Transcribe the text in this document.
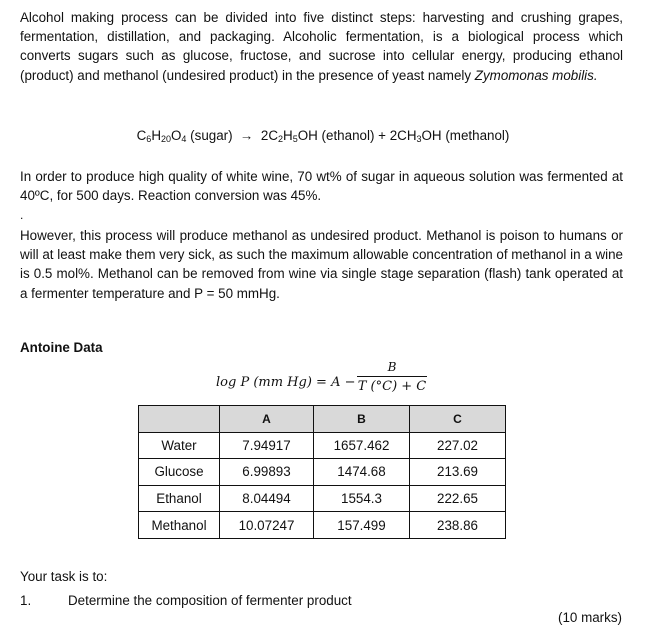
Alcohol making process can be divided into five distinct steps: harvesting and crushing grapes, fermentation, distillation, and packaging. Alcoholic fermentation, is a biological process which converts sugars such as glucose, fructose, and sucrose into cellular energy, producing ethanol (product) and methanol (undesired product) in the presence of yeast namely Zymomonas mobilis.

$C_6H_{20}O_4$ (sugar) → $2C_2H_5OH$ (ethanol) + $2CH_3OH$ (methanol)

In order to produce high quality of white wine, 70 wt% of sugar in aqueous solution was fermented at 40ºC, for 500 days. Reaction conversion was 45%.

.

However, this process will produce methanol as undesired product. Methanol is poison to humans or will at least make them very sick, as such the maximum allowable concentration of methanol in a wine is 0.5 mol%. Methanol can be removed from wine via single stage separation (flash) tank operated at a fermenter temperature and P = 50 mmHg.

Antoine Data
log P (mm Hg) = A −
B
T (°C) + C
	A	B	C
Water	7.94917	1657.462	227.02
Glucose	6.99893	1474.68	213.69
Ethanol	8.04494	1554.3	222.65
Methanol	10.07247	157.499	238.86
Your task is to:
1.	Determine the composition of fermenter product
(10 marks)
